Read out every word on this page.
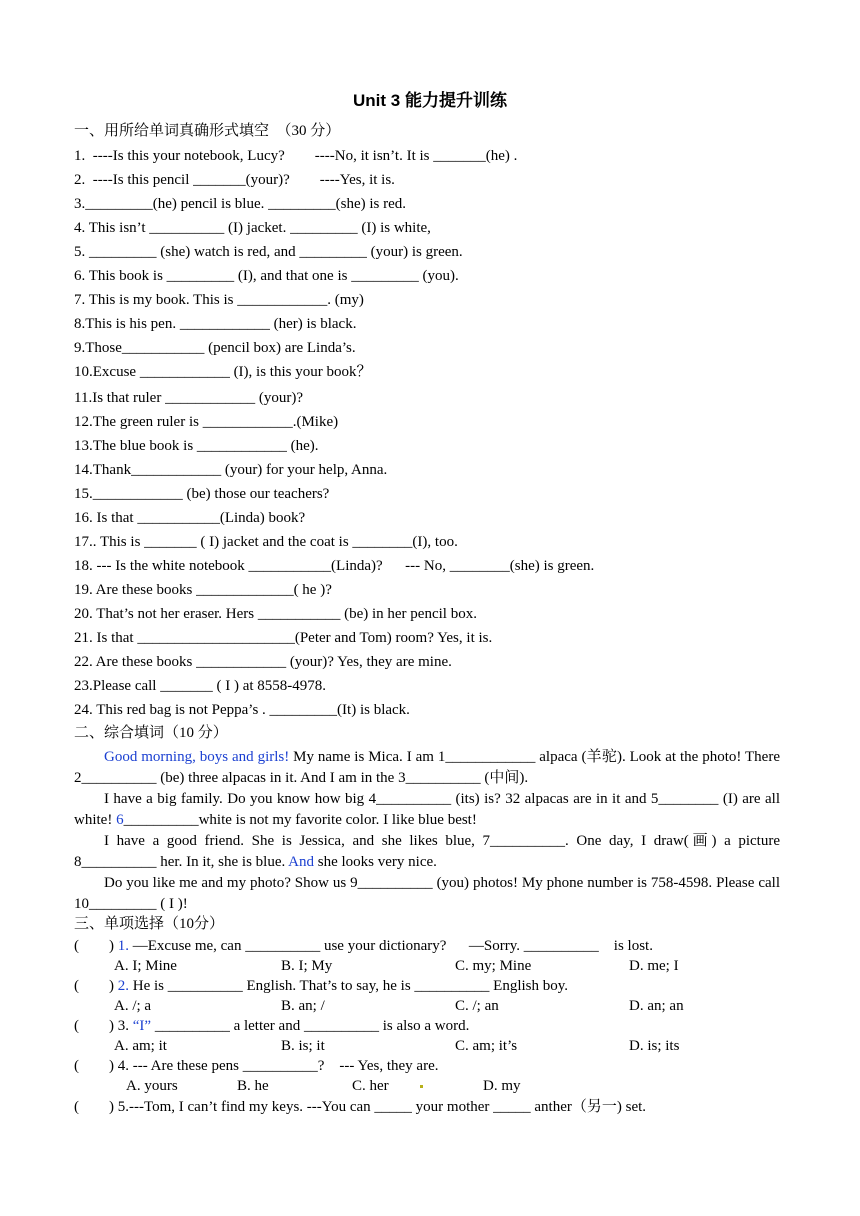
Unit 3 能力提升训练
一、用所给单词真确形式填空  （30 分）
1.  ----Is this your notebook, Lucy?        ----No, it isn’t. It is _______(he) .
2.  ----Is this pencil _______(your)?        ----Yes, it is.
3._________(he) pencil is blue. _________(she) is red.
4. This isn’t __________ (I) jacket. _________ (I) is white,
5. _________ (she) watch is red, and _________ (your) is green.
6. This book is _________ (I), and that one is _________ (you).
7. This is my book. This is ____________. (my)
8.This is his pen. ____________ (her) is black.
9.Those___________ (pencil box) are Linda’s.
10.Excuse ____________ (I), is this your book？
11.Is that ruler ____________ (your)?
12.The green ruler is ____________.(Mike)
13.The blue book is ____________ (he).
14.Thank____________ (your) for your help, Anna.
15.____________ (be) those our teachers?
16. Is that ___________(Linda) book?
17.. This is _______ ( I) jacket and the coat is ________(I), too.
18. --- Is the white notebook ___________(Linda)?      --- No, ________(she) is green.
19. Are these books _____________( he )?
20. That’s not her eraser. Hers ___________ (be) in her pencil box.
21. Is that _____________________(Peter and Tom) room? Yes, it is.
22. Are these books ____________ (your)? Yes, they are mine.
23.Please call _______ ( I ) at 8558-4978.
24. This red bag is not Peppa’s . _________(It) is black.
二、综合填词（10 分）

Good morning, boys and girls! My name is Mica. I am 1____________ alpaca (羊驼). Look at the photo! There 2__________ (be) three alpacas in it. And I am in the 3__________ (中间).

I have a big family. Do you know how big 4__________ (its) is? 32 alpacas are in it and 5________ (I) are all white! 6__________white is not my favorite color. I like blue best!

I have a good friend. She is Jessica, and she likes blue, 7__________. One day, I draw(画) a picture 8__________ her. In it, she is blue. And she looks very nice.

Do you like me and my photo? Show us 9__________ (you) photos! My phone number is 758-4598. Please call 10_________ ( I )!

三、单项选择（10分）
(        ) 1. —Excuse me, can __________ use your dictionary?      —Sorry. __________    is lost.
A. I; Mine	B. I; My	C. my; Mine	D. me; I
(        ) 2. He is __________ English. That’s to say, he is __________ English boy.
A. /; a	B. an; /	C. /; an	D. an; an
(        ) 3. “I” __________ a letter and __________ is also a word.
A. am; it	B. is; it	C. am; it’s	D. is; its
(        ) 4. --- Are these pens __________?    --- Yes, they are.
A. yours	B. he	C. her	D. my
(        ) 5.---Tom, I can’t find my keys. ---You can _____ your mother _____ anther（另一) set.
